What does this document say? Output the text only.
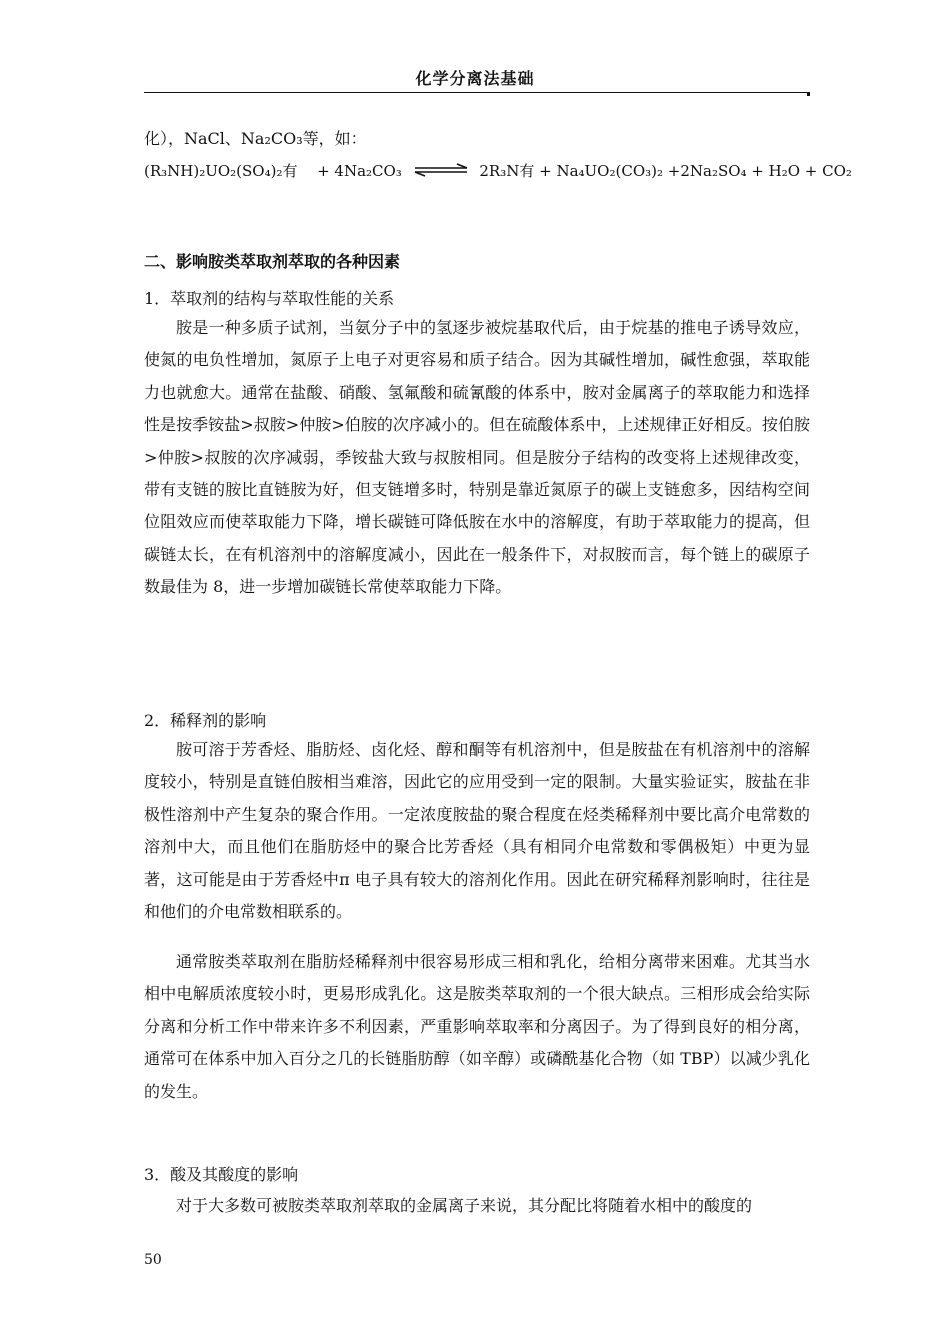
化学分离法基础
化），NaCl、Na₂CO₃等，如：
(R₃NH)₂UO₂(SO₄)₂有 + 4Na₂CO₃ ⇌ 2R₃N有 + Na₄UO₂(CO₃)₂ +2Na₂SO₄ + H₂O + CO₂
二、影响胺类萃取剂萃取的各种因素
1．萃取剂的结构与萃取性能的关系

胺是一种多质子试剂，当氨分子中的氢逐步被烷基取代后，由于烷基的推电子诱导效应，使氮的电负性增加，氮原子上电子对更容易和质子结合。因为其碱性增加，碱性愈强，萃取能力也就愈大。通常在盐酸、硝酸、氢氟酸和硫氰酸的体系中，胺对金属离子的萃取能力和选择性是按季铵盐>叔胺>仲胺>伯胺的次序减小的。但在硫酸体系中，上述规律正好相反。按伯胺>仲胺>叔胺的次序减弱，季铵盐大致与叔胺相同。但是胺分子结构的改变将上述规律改变，带有支链的胺比直链胺为好，但支链增多时，特别是靠近氮原子的碳上支链愈多，因结构空间位阻效应而使萃取能力下降，增长碳链可降低胺在水中的溶解度，有助于萃取能力的提高，但碳链太长，在有机溶剂中的溶解度减小，因此在一般条件下，对叔胺而言，每个链上的碳原子数最佳为 8，进一步增加碳链长常使萃取能力下降。

2．稀释剂的影响

胺可溶于芳香烃、脂肪烃、卤化烃、醇和酮等有机溶剂中，但是胺盐在有机溶剂中的溶解度较小，特别是直链伯胺相当难溶，因此它的应用受到一定的限制。大量实验证实，胺盐在非极性溶剂中产生复杂的聚合作用。一定浓度胺盐的聚合程度在烃类稀释剂中要比高介电常数的溶剂中大，而且他们在脂肪烃中的聚合比芳香烃（具有相同介电常数和零偶极矩）中更为显著，这可能是由于芳香烃中π 电子具有较大的溶剂化作用。因此在研究稀释剂影响时，往往是和他们的介电常数相联系的。

通常胺类萃取剂在脂肪烃稀释剂中很容易形成三相和乳化，给相分离带来困难。尤其当水相中电解质浓度较小时，更易形成乳化。这是胺类萃取剂的一个很大缺点。三相形成会给实际分离和分析工作中带来许多不利因素，严重影响萃取率和分离因子。为了得到良好的相分离，通常可在体系中加入百分之几的长链脂肪醇（如辛醇）或磷酰基化合物（如 TBP）以减少乳化的发生。

3．酸及其酸度的影响
对于大多数可被胺类萃取剂萃取的金属离子来说，其分配比将随着水相中的酸度的
50
